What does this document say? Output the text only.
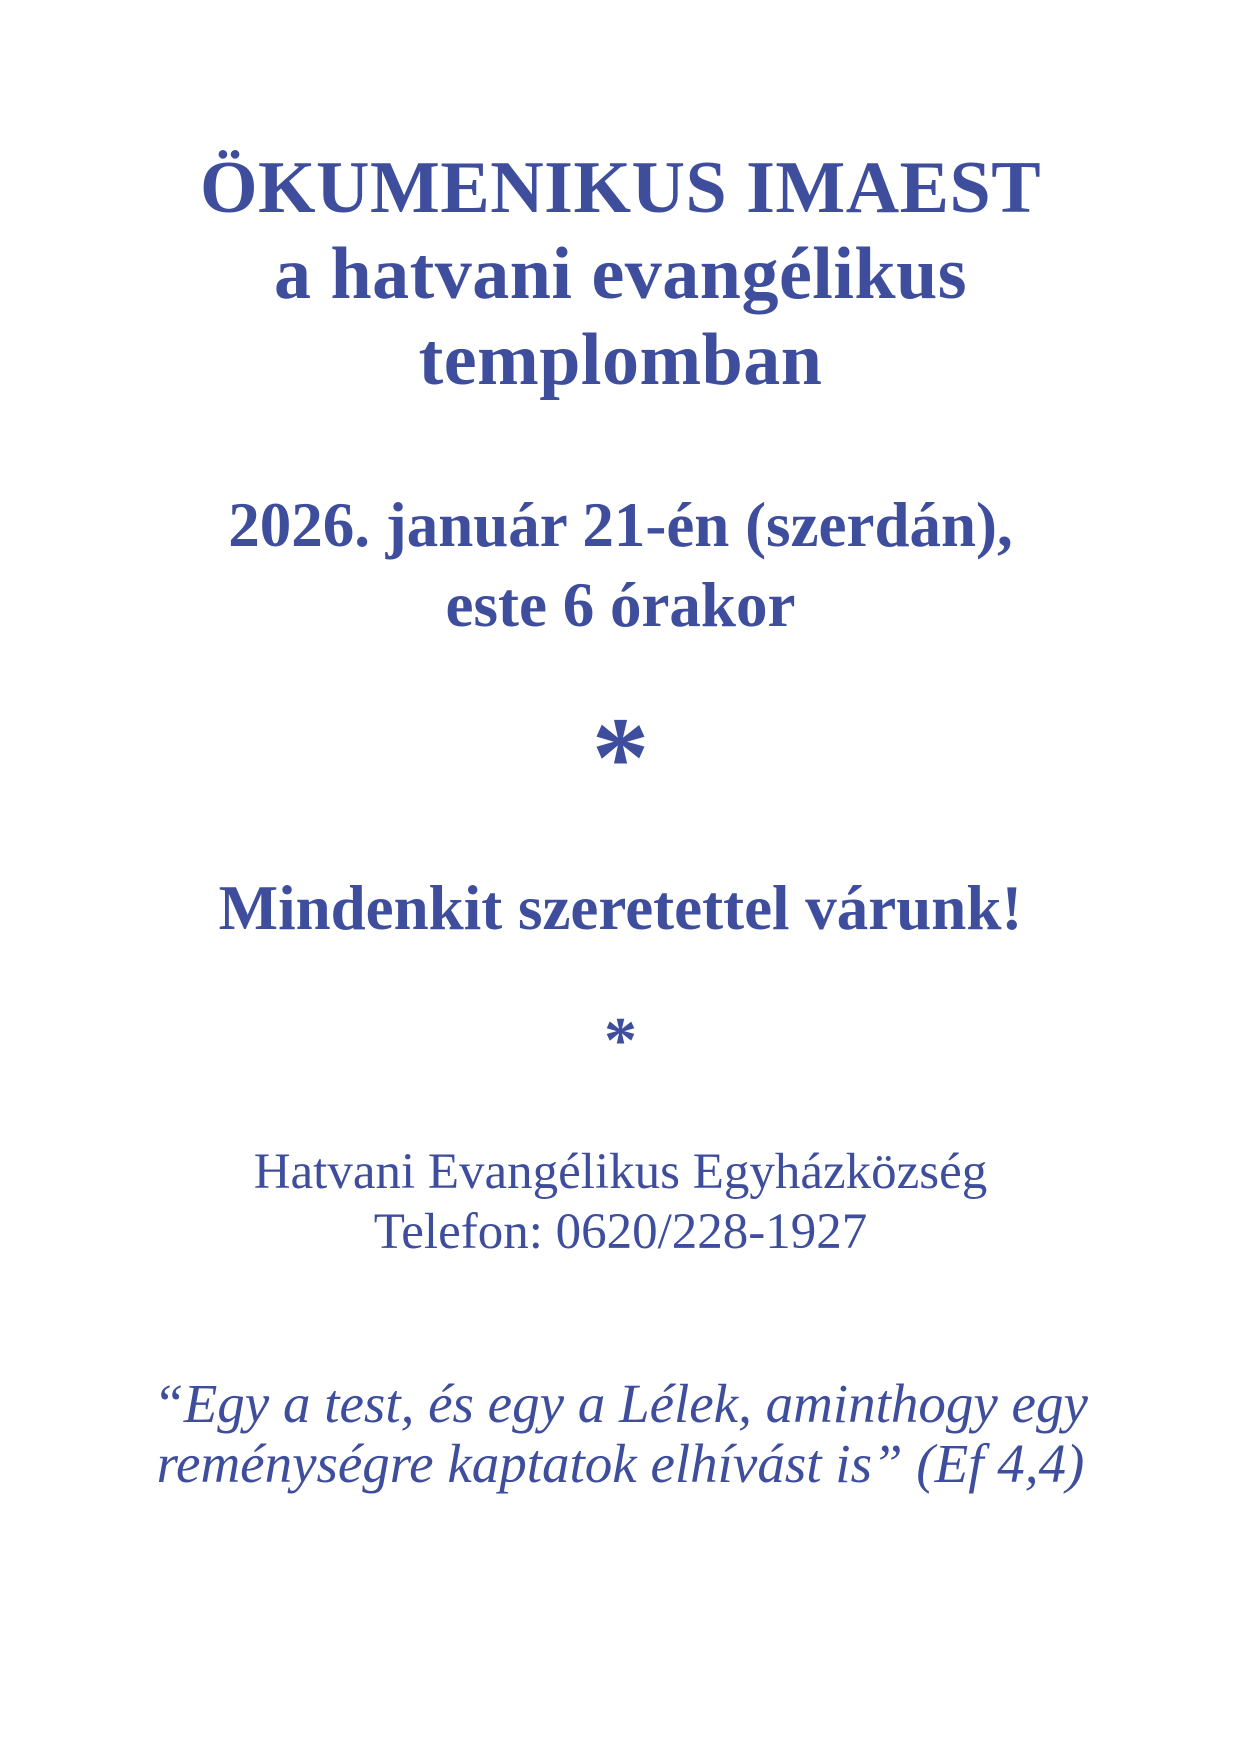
ÖKUMENIKUS IMAEST
a hatvani evangélikus
templomban
2026. január 21-én (szerdán),
este 6 órakor
*
Mindenkit szeretettel várunk!
*
Hatvani Evangélikus Egyházközség
Telefon: 0620/228-1927
“Egy a test, és egy a Lélek, aminthogy egy
reménységre kaptatok elhívást is” (Ef 4,4)
